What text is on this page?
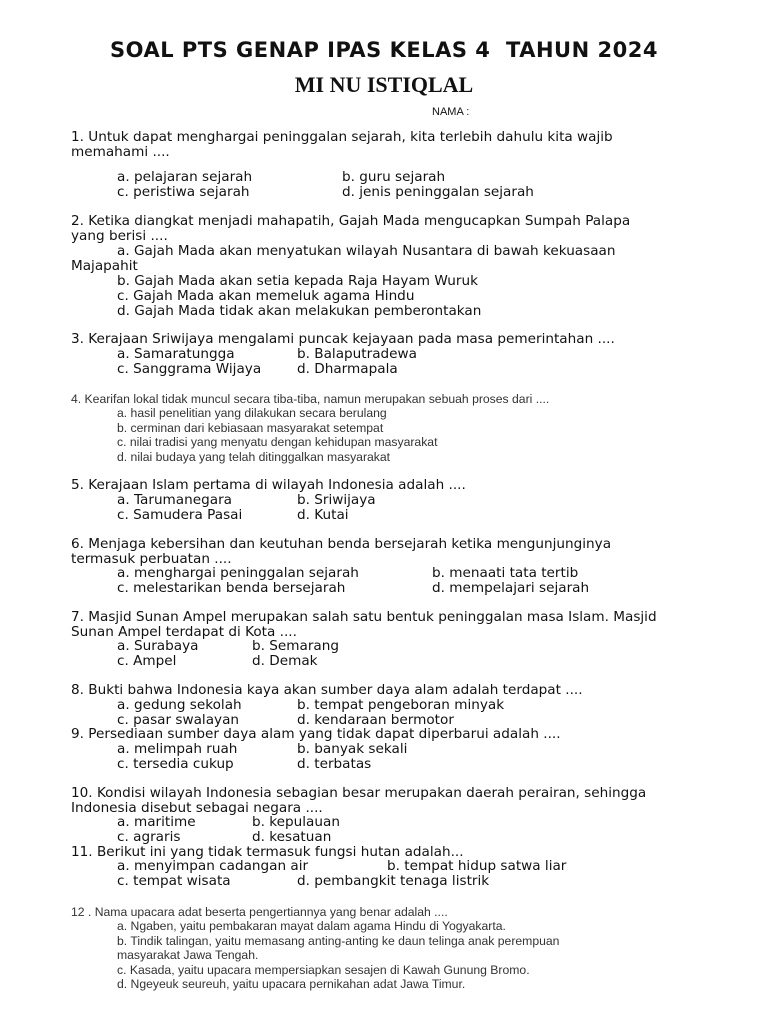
SOAL PTS GENAP IPAS KELAS 4  TAHUN 2024
MI NU ISTIQLAL
NAMA :
1. Untuk dapat menghargai peninggalan sejarah, kita terlebih dahulu kita wajib
memahami ....
a. pelajaran sejarah	b. guru sejarah
c. peristiwa sejarah	d. jenis peninggalan sejarah
2. Ketika diangkat menjadi mahapatih, Gajah Mada mengucapkan Sumpah Palapa
yang berisi ....
a. Gajah Mada akan menyatukan wilayah Nusantara di bawah kekuasaan
Majapahit
b. Gajah Mada akan setia kepada Raja Hayam Wuruk
c. Gajah Mada akan memeluk agama Hindu
d. Gajah Mada tidak akan melakukan pemberontakan
3. Kerajaan Sriwijaya mengalami puncak kejayaan pada masa pemerintahan ....
a. Samaratungga	b. Balaputradewa
c. Sanggrama Wijaya	d. Dharmapala
4. Kearifan lokal tidak muncul secara tiba-tiba, namun merupakan sebuah proses dari ....
a. hasil penelitian yang dilakukan secara berulang
b. cerminan dari kebiasaan masyarakat setempat
c. nilai tradisi yang menyatu dengan kehidupan masyarakat
d. nilai budaya yang telah ditinggalkan masyarakat
5. Kerajaan Islam pertama di wilayah Indonesia adalah ....
a. Tarumanegara	b. Sriwijaya
c. Samudera Pasai	d. Kutai
6. Menjaga kebersihan dan keutuhan benda bersejarah ketika mengunjunginya
termasuk perbuatan ....
a. menghargai peninggalan sejarah	b. menaati tata tertib
c. melestarikan benda bersejarah	d. mempelajari sejarah
7. Masjid Sunan Ampel merupakan salah satu bentuk peninggalan masa Islam. Masjid
Sunan Ampel terdapat di Kota ....
a. Surabaya	b. Semarang
c. Ampel	d. Demak
8. Bukti bahwa Indonesia kaya akan sumber daya alam adalah terdapat ....
a. gedung sekolah	b. tempat pengeboran minyak
c. pasar swalayan	d. kendaraan bermotor
9. Persediaan sumber daya alam yang tidak dapat diperbarui adalah ....
a. melimpah ruah	b. banyak sekali
c. tersedia cukup	d. terbatas
10. Kondisi wilayah Indonesia sebagian besar merupakan daerah perairan, sehingga
Indonesia disebut sebagai negara ....
a. maritime	b. kepulauan
c. agraris	d. kesatuan
11. Berikut ini yang tidak termasuk fungsi hutan adalah...
a. menyimpan cadangan air	b. tempat hidup satwa liar
c. tempat wisata	d. pembangkit tenaga listrik
12 . Nama upacara adat beserta pengertiannya yang benar adalah ....
a. Ngaben, yaitu pembakaran mayat dalam agama Hindu di Yogyakarta.
b. Tindik talingan, yaitu memasang anting-anting ke daun telinga anak perempuan
masyarakat Jawa Tengah.
c. Kasada, yaitu upacara mempersiapkan sesajen di Kawah Gunung Bromo.
d. Ngeyeuk seureuh, yaitu upacara pernikahan adat Jawa Timur.
